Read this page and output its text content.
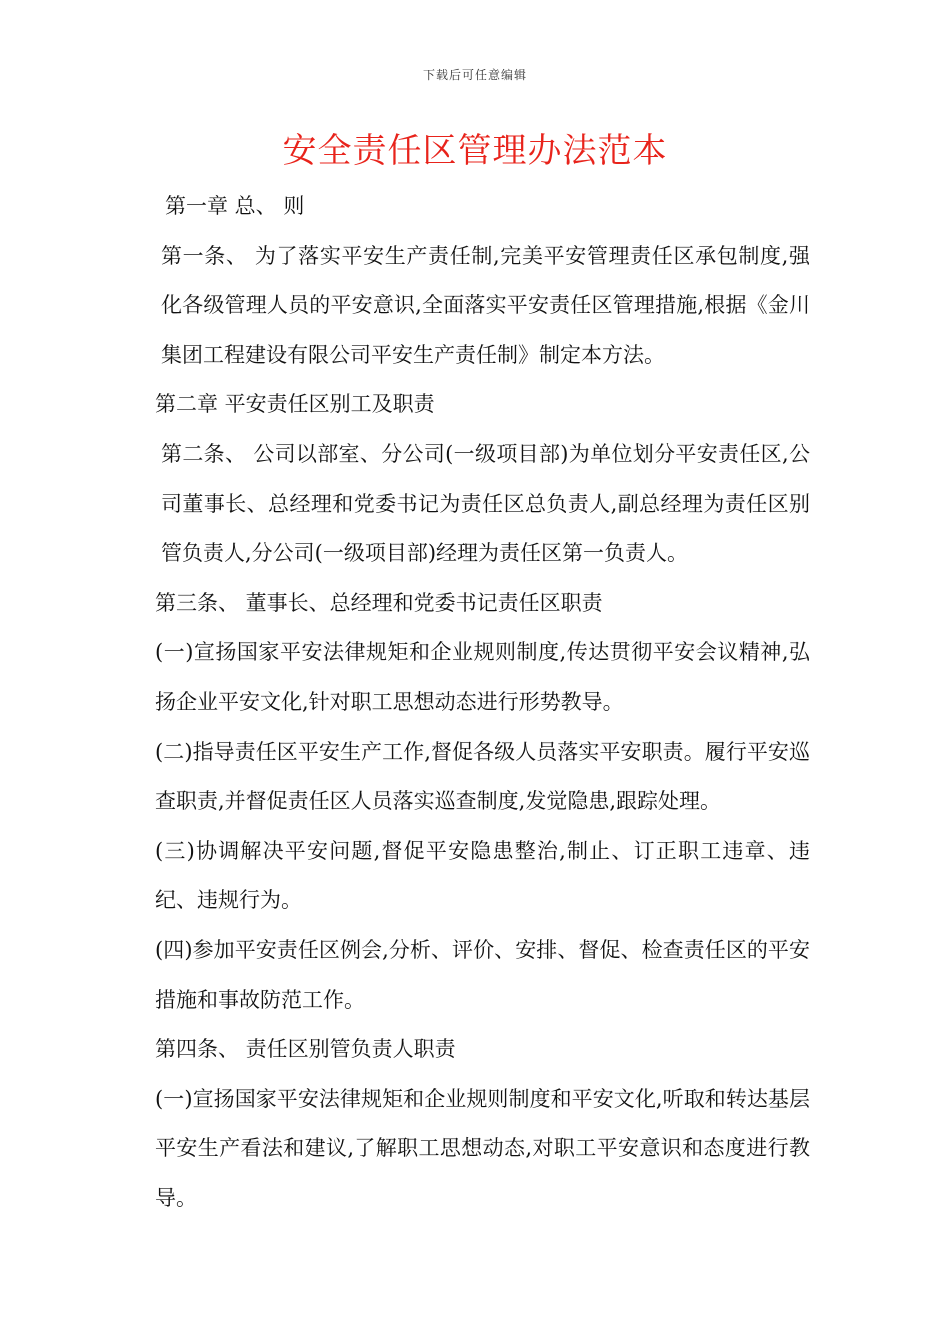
下载后可任意编辑
安全责任区管理办法范本

第一章 总、 则

第一条、 为了落实平安生产责任制,完美平安管理责任区承包制度,强化各级管理人员的平安意识,全面落实平安责任区管理措施,根据《金川集团工程建设有限公司平安生产责任制》制定本方法。

第二章 平安责任区别工及职责

第二条、 公司以部室、分公司(一级项目部)为单位划分平安责任区,公司董事长、总经理和党委书记为责任区总负责人,副总经理为责任区别管负责人,分公司(一级项目部)经理为责任区第一负责人。

第三条、 董事长、总经理和党委书记责任区职责

(一)宣扬国家平安法律规矩和企业规则制度,传达贯彻平安会议精神,弘扬企业平安文化,针对职工思想动态进行形势教导。

(二)指导责任区平安生产工作,督促各级人员落实平安职责。履行平安巡查职责,并督促责任区人员落实巡查制度,发觉隐患,跟踪处理。

(三)协调解决平安问题,督促平安隐患整治,制止、订正职工违章、违纪、违规行为。

(四)参加平安责任区例会,分析、评价、安排、督促、检查责任区的平安措施和事故防范工作。

第四条、 责任区别管负责人职责

(一)宣扬国家平安法律规矩和企业规则制度和平安文化,听取和转达基层平安生产看法和建议,了解职工思想动态,对职工平安意识和态度进行教导。
